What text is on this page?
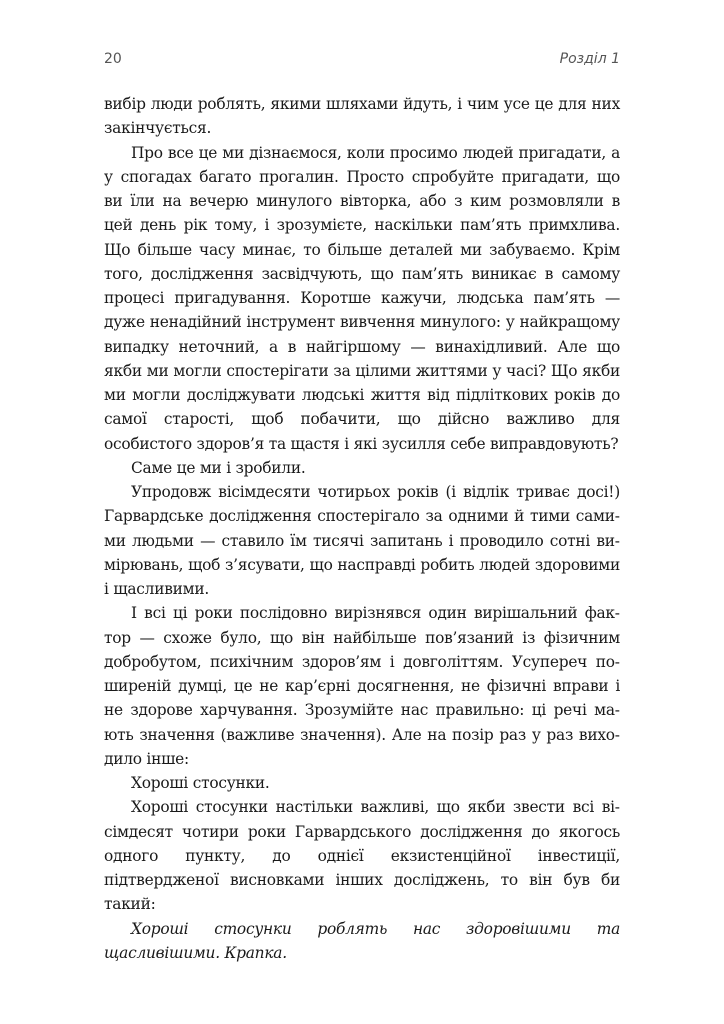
20	Розділ 1

вибір люди роблять, якими шляхами йдуть, і чим усе це для них закінчується.

Про все це ми дізнаємося, коли просимо людей пригадати, а у спогадах багато прогалин. Просто спробуйте пригадати, що ви їли на вечерю минулого вівторка, або з ким розмовляли в цей день рік тому, і зрозумієте, наскільки пам’ять примхлива. Що більше часу минає, то більше деталей ми забуваємо. Крім того, дослідження засвідчують, що пам’ять виникає в самому процесі пригадування. Коротше кажучи, людська пам’ять — дуже ненадійний інструмент вивчення минулого: у найкращому випадку неточний, а в найгіршому — винахідливий. Але що якби ми могли спостерігати за цілими життями у часі? Що якби ми могли досліджувати людські життя від підліткових років до самої старості, щоб побачити, що дійсно важливо для особистого здоров’я та щастя і які зусилля себе виправдовують?

Саме це ми і зробили.

Упродовж вісімдесяти чотирьох років (і відлік триває досі!) Гарвардське дослідження спостерігало за одними й тими самими людьми — ставило їм тисячі запитань і проводило сотні вимірювань, щоб з’ясувати, що насправді робить людей здоровими і щасливими.

І всі ці роки послідовно вирізнявся один вирішальний фактор — схоже було, що він найбільше пов’язаний із фізичним добробутом, психічним здоров’ям і довголіттям. Усупереч поширеній думці, це не кар’єрні досягнення, не фізичні вправи і не здорове харчування. Зрозумійте нас правильно: ці речі мають значення (важливе значення). Але на позір раз у раз виходило інше:

Хороші стосунки.

Хороші стосунки настільки важливі, що якби звести всі вісімдесят чотири роки Гарвардського дослідження до якогось одного пункту, до однієї екзистенційної інвестиції, підтвердженої висновками інших досліджень, то він був би такий:

Хороші стосунки роблять нас здоровішими та щасливішими. Крапка.
